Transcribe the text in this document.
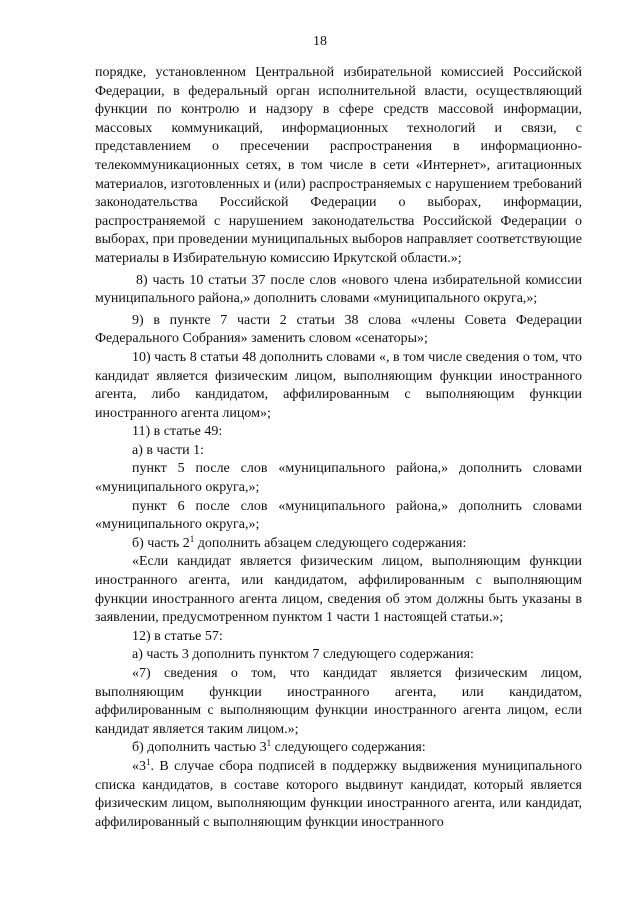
18

порядке, установленном Центральной избирательной комиссией Российской Федерации, в федеральный орган исполнительной власти, осуществляющий функции по контролю и надзору в сфере средств массовой информации, массовых коммуникаций, информационных технологий и связи, с представлением о пресечении распространения в информационно-телекоммуникационных сетях, в том числе в сети «Интернет», агитационных материалов, изготовленных и (или) распространяемых с нарушением требований законодательства Российской Федерации о выборах, информации, распространяемой с нарушением законодательства Российской Федерации о выборах, при проведении муниципальных выборов направляет соответствующие материалы в Избирательную комиссию Иркутской области.»;

8) часть 10 статьи 37 после слов «нового члена избирательной комиссии муниципального района,» дополнить словами «муниципального округа,»;

9) в пункте 7 части 2 статьи 38 слова «члены Совета Федерации Федерального Собрания» заменить словом «сенаторы»;

10) часть 8 статьи 48 дополнить словами «, в том числе сведения о том, что кандидат является физическим лицом, выполняющим функции иностранного агента, либо кандидатом, аффилированным с выполняющим функции иностранного агента лицом»;

11) в статье 49:

а) в части 1:

пункт 5 после слов «муниципального района,» дополнить словами «муниципального округа,»;

пункт 6 после слов «муниципального района,» дополнить словами «муниципального округа,»;

б) часть $2^1$ дополнить абзацем следующего содержания:

«Если кандидат является физическим лицом, выполняющим функции иностранного агента, или кандидатом, аффилированным с выполняющим функции иностранного агента лицом, сведения об этом должны быть указаны в заявлении, предусмотренном пунктом 1 части 1 настоящей статьи.»;

12) в статье 57:

а) часть 3 дополнить пунктом 7 следующего содержания:

«7) сведения о том, что кандидат является физическим лицом, выполняющим функции иностранного агента, или кандидатом, аффилированным с выполняющим функции иностранного агента лицом, если кандидат является таким лицом.»;

б) дополнить частью $3^1$ следующего содержания:

«$3^1$. В случае сбора подписей в поддержку выдвижения муниципального списка кандидатов, в составе которого выдвинут кандидат, который является физическим лицом, выполняющим функции иностранного агента, или кандидат, аффилированный с выполняющим функции иностранного
